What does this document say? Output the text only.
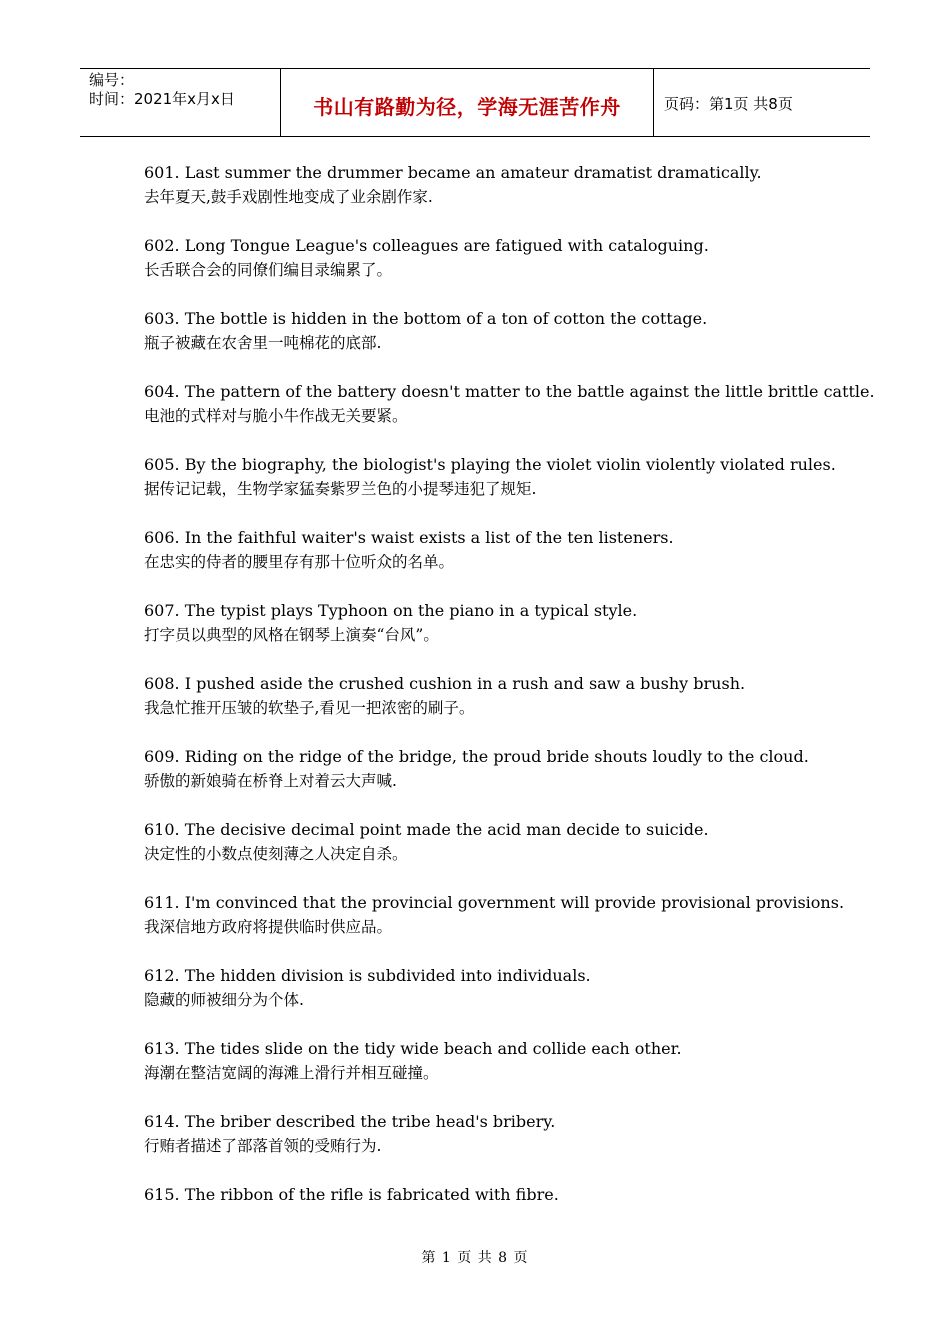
编号：
时间：2021年x月x日	书山有路勤为径，学海无涯苦作舟	页码：第1页 共8页
601. Last summer the drummer became an amateur dramatist dramatically.
去年夏天,鼓手戏剧性地变成了业余剧作家.
602. Long Tongue League's colleagues are fatigued with cataloguing.
长舌联合会的同僚们编目录编累了。
603. The bottle is hidden in the bottom of a ton of cotton the cottage.
瓶子被藏在农舍里一吨棉花的底部.
604. The pattern of the battery doesn't matter to the battle against the little brittle cattle.
电池的式样对与脆小牛作战无关要紧。
605. By the biography, the biologist's playing the violet violin violently violated rules.
据传记记载，生物学家猛奏紫罗兰色的小提琴违犯了规矩.
606. In the faithful waiter's waist exists a list of the ten listeners.
在忠实的侍者的腰里存有那十位听众的名单。
607. The typist plays Typhoon on the piano in a typical style.
打字员以典型的风格在钢琴上演奏“台风”。
608. I pushed aside the crushed cushion in a rush and saw a bushy brush.
我急忙推开压皱的软垫子,看见一把浓密的刷子。
609. Riding on the ridge of the bridge, the proud bride shouts loudly to the cloud.
骄傲的新娘骑在桥脊上对着云大声喊.
610. The decisive decimal point made the acid man decide to suicide.
决定性的小数点使刻薄之人决定自杀。
611. I'm convinced that the provincial government will provide provisional provisions.
我深信地方政府将提供临时供应品。
612. The hidden division is subdivided into individuals.
隐藏的师被细分为个体.
613. The tides slide on the tidy wide beach and collide each other.
海潮在整洁宽阔的海滩上滑行并相互碰撞。
614. The briber described the tribe head's bribery.
行贿者描述了部落首领的受贿行为.
615. The ribbon of the rifle is fabricated with fibre.
第 1 页 共 8 页
